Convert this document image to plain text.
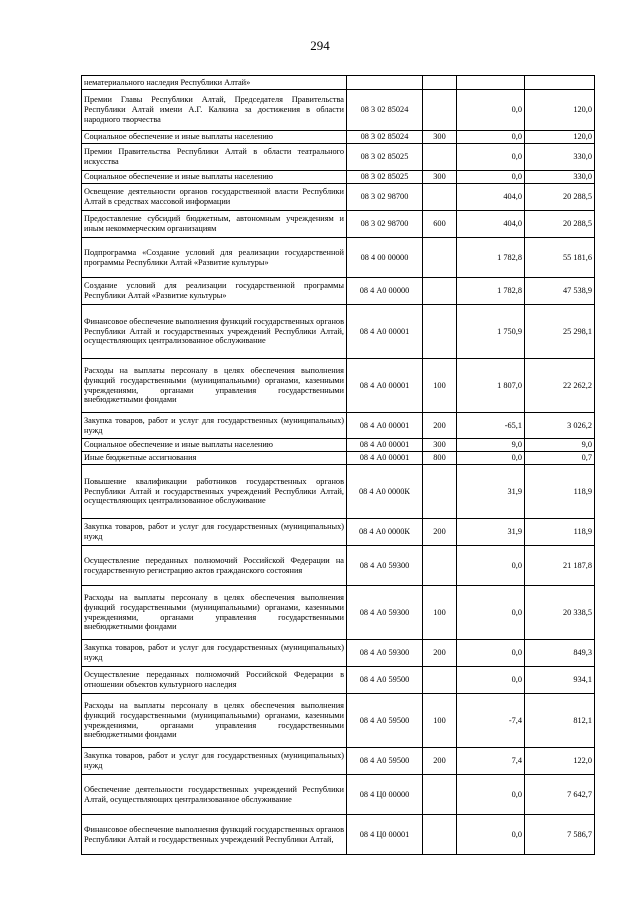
294
нематериального наследия Республики Алтай»				
Премии Главы Республики Алтай, Председателя Правительства Республики Алтай имени А.Г. Калкина за достижения в области народного творчества	08 3 02 85024		0,0	120,0
Социальное обеспечение и иные выплаты населению	08 3 02 85024	300	0,0	120,0
Премии Правительства Республики Алтай в области театрального искусства	08 3 02 85025		0,0	330,0
Социальное обеспечение и иные выплаты населению	08 3 02 85025	300	0,0	330,0
Освещение деятельности органов государственной власти Республики Алтай в средствах массовой информации	08 3 02 98700		404,0	20 288,5
Предоставление субсидий бюджетным, автономным учреждениям и иным некоммерческим организациям	08 3 02 98700	600	404,0	20 288,5
Подпрограмма «Создание условий для реализации государственной программы Республики Алтай «Развитие культуры»	08 4 00 00000		1 782,8	55 181,6
Создание условий для реализации государственной программы Республики Алтай «Развитие культуры»	08 4 А0 00000		1 782,8	47 538,9
Финансовое обеспечение выполнения функций государственных органов Республики Алтай и государственных учреждений Республики Алтай, осуществляющих централизованное обслуживание	08 4 А0 00001		1 750,9	25 298,1
Расходы на выплаты персоналу в целях обеспечения выполнения функций государственными (муниципальными) органами, казенными учреждениями, органами управления государственными внебюджетными фондами	08 4 А0 00001	100	1 807,0	22 262,2
Закупка товаров, работ и услуг для государственных (муниципальных) нужд	08 4 А0 00001	200	-65,1	3 026,2
Социальное обеспечение и иные выплаты населению	08 4 А0 00001	300	9,0	9,0
Иные бюджетные ассигнования	08 4 А0 00001	800	0,0	0,7
Повышение квалификации работников государственных органов Республики Алтай и государственных учреждений Республики Алтай, осуществляющих централизованное обслуживание	08 4 А0 0000К		31,9	118,9
Закупка товаров, работ и услуг для государственных (муниципальных) нужд	08 4 А0 0000К	200	31,9	118,9
Осуществление переданных полномочий Российской Федерации на государственную регистрацию актов гражданского состояния	08 4 А0 59300		0,0	21 187,8
Расходы на выплаты персоналу в целях обеспечения выполнения функций государственными (муниципальными) органами, казенными учреждениями, органами управления государственными внебюджетными фондами	08 4 А0 59300	100	0,0	20 338,5
Закупка товаров, работ и услуг для государственных (муниципальных) нужд	08 4 А0 59300	200	0,0	849,3
Осуществление переданных полномочий Российской Федерации в отношении объектов культурного наследия	08 4 А0 59500		0,0	934,1
Расходы на выплаты персоналу в целях обеспечения выполнения функций государственными (муниципальными) органами, казенными учреждениями, органами управления государственными внебюджетными фондами	08 4 А0 59500	100	-7,4	812,1
Закупка товаров, работ и услуг для государственных (муниципальных) нужд	08 4 А0 59500	200	7,4	122,0
Обеспечение деятельности государственных учреждений Республики Алтай, осуществляющих централизованное обслуживание	08 4 Ц0 00000		0,0	7 642,7
Финансовое обеспечение выполнения функций государственных органов Республики Алтай и государственных учреждений Республики Алтай,	08 4 Ц0 00001		0,0	7 586,7
